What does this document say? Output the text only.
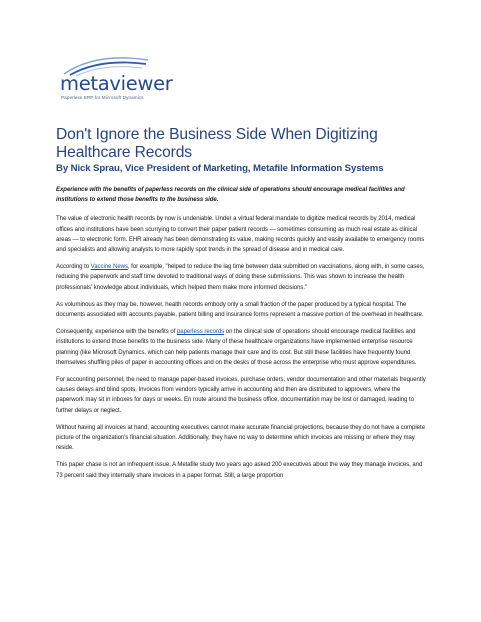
metaviewer
Paperless ERP for Microsoft Dynamics
Don't Ignore the Business Side When Digitizing Healthcare Records
By Nick Sprau, Vice President of Marketing, Metafile Information Systems

Experience with the benefits of paperless records on the clinical side of operations should encourage medical facilities and institutions to extend those benefits to the business side.

The value of electronic health records by now is undeniable. Under a virtual federal mandate to digitize medical records by 2014, medical offices and institutions have been scurrying to convert their paper patient records — sometimes consuming as much real estate as clinical areas — to electronic form. EHR already has been demonstrating its value, making records quickly and easily available to emergency rooms and specialists and allowing analysts to more rapidly spot trends in the spread of disease and in medical care.

According to Vaccine News, for example, "helped to reduce the lag time between data submitted on vaccinations, along with, in some cases, reducing the paperwork and staff time devoted to traditional ways of doing these submissions. This was shown to increase the health professionals' knowledge about individuals, which helped them make more informed decisions."

As voluminous as they may be, however, health records embody only a small fraction of the paper produced by a typical hospital. The documents associated with accounts payable, patient billing and insurance forms represent a massive portion of the overhead in healthcare.

Consequently, experience with the benefits of paperless records on the clinical side of operations should encourage medical facilities and institutions to extend those benefits to the business side. Many of these healthcare organizations have implemented enterprise resource planning (like Microsoft Dynamics, which can help patients manage their care and its cost. But still these facilities have frequently found themselves shuffling piles of paper in accounting offices and on the desks of those across the enterprise who must approve expenditures.

For accounting personnel, the need to manage paper-based invoices, purchase orders, vendor documentation and other materials frequently causes delays and blind spots. Invoices from vendors typically arrive in accounting and then are distributed to approvers, where the paperwork may sit in inboxes for days or weeks. En route around the business office, documentation may be lost or damaged, leading to further delays or neglect.

Without having all invoices at hand, accounting executives cannot make accurate financial projections, because they do not have a complete picture of the organization's financial situation. Additionally, they have no way to determine which invoices are missing or where they may reside.

This paper chase is not an infrequent issue. A Metafile study two years ago asked 200 executives about the way they manage invoices, and 73 percent said they internally share invoices in a paper format. Still, a large proportion
